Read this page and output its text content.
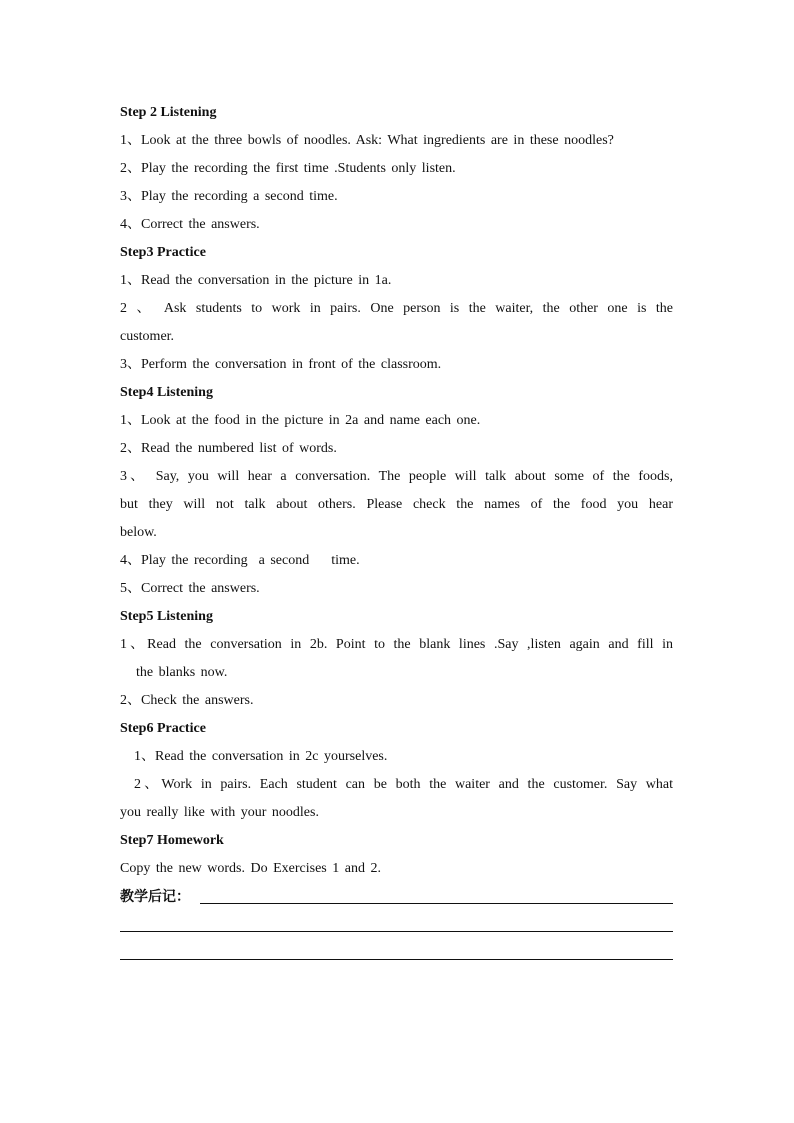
Step 2 Listening
1、Look at the three bowls of noodles. Ask: What ingredients are in these noodles?
2、Play the recording the first time .Students only listen.
3、Play the recording a second time.
4、Correct the answers.
Step3 Practice
1、Read the conversation in the picture in 1a.
2 、 Ask students to work in pairs. One person is the waiter, the other one is the
customer.
3、Perform the conversation in front of the classroom.
Step4 Listening
1、Look at the food in the picture in 2a and name each one.
2、Read the numbered list of words.
3、 Say, you will hear a conversation. The people will talk about some of the foods,
but they will not talk about others. Please check the names of the food you hear
below.
4、Play the recording  a second    time.
5、Correct the answers.
Step5 Listening
1、Read the conversation in 2b. Point to the blank lines .Say ,listen again and fill in
the blanks now.
2、Check the answers.
Step6 Practice
1、Read the conversation in 2c yourselves.
2、Work in pairs. Each student can be both the waiter and the customer. Say what
you really like with your noodles.
Step7 Homework
Copy the new words. Do Exercises 1 and 2.
教学后记：
